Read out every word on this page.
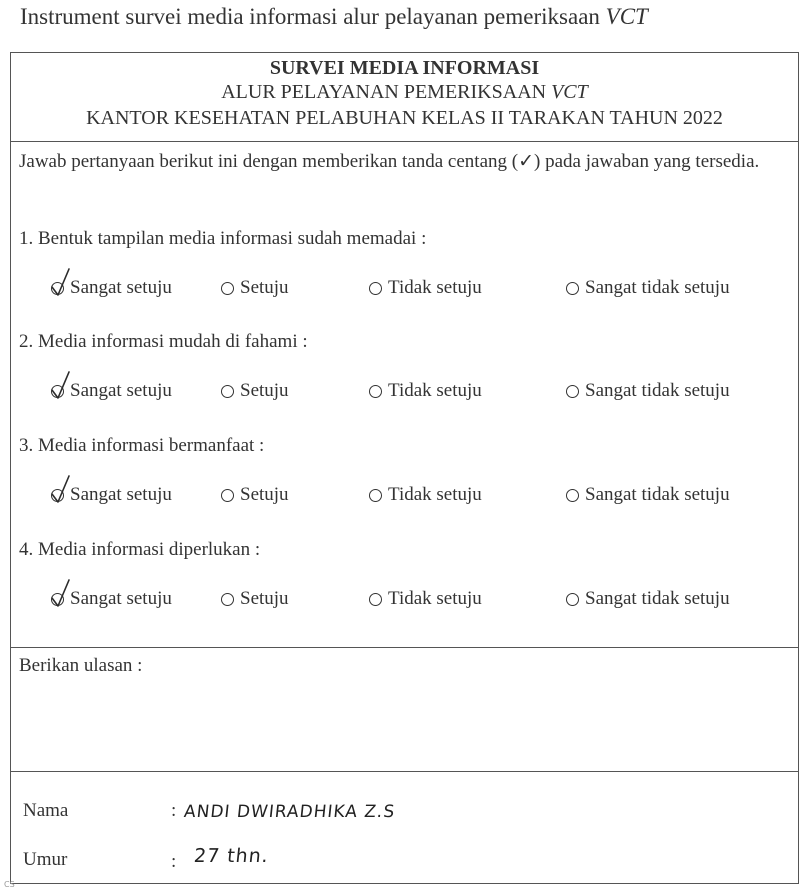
Instrument survei media informasi alur pelayanan pemeriksaan VCT
SURVEI MEDIA INFORMASI
ALUR PELAYANAN PEMERIKSAAN VCT
KANTOR KESEHATAN PELABUHAN KELAS II TARAKAN TAHUN 2022
Jawab pertanyaan berikut ini dengan memberikan tanda centang (✓) pada jawaban yang tersedia.
1. Bentuk tampilan media informasi sudah memadai :
Sangat setuju	Setuju	Tidak setuju	Sangat tidak setuju
2. Media informasi mudah di fahami :
Sangat setuju	Setuju	Tidak setuju	Sangat tidak setuju
3. Media informasi bermanfaat :
Sangat setuju	Setuju	Tidak setuju	Sangat tidak setuju
4. Media informasi diperlukan :
Sangat setuju	Setuju	Tidak setuju	Sangat tidak setuju
Berikan ulasan :
Nama	: ANDI DWIRADHIKA Z.S
Umur	: 27 thn.
CS
